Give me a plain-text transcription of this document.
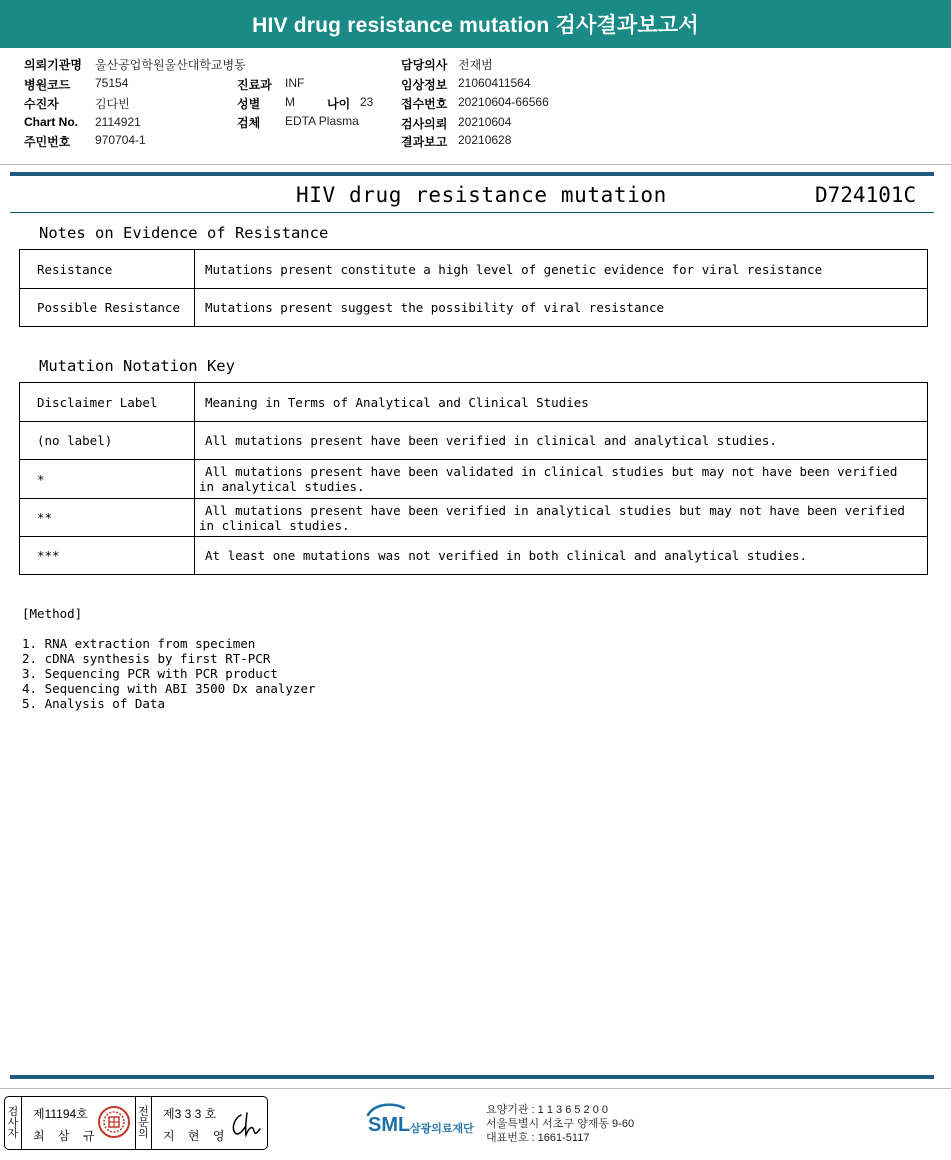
HIV drug resistance mutation 검사결과보고서
의뢰기관명 울산공업학원울산대학교병동
병원코드 75154
수진자	김다빈
Chart No. 2114921
주민번호 970704-1
진료과 INF
성별 M	나이 23
검체 EDTA Plasma
담당의사 전재범
임상정보 21060411564
접수번호 20210604-66566
검사의뢰 20210604
결과보고 20210628
HIV drug resistance mutation	D724101C
Notes on Evidence of Resistance
Resistance	Mutations present constitute a high level of genetic evidence for viral resistance
Possible Resistance	Mutations present suggest the possibility of viral resistance
Mutation Notation Key
Disclaimer Label	Meaning in Terms of Analytical and Clinical Studies
(no label)	All mutations present have been verified in clinical and analytical studies.
*	All mutations present have been validated in clinical studies but may not have been verified
in analytical studies.

**	All mutations present have been verified in analytical studies but may not have been verified
in clinical studies.

***	At least one mutations was not verified in both clinical and analytical studies.
[Method]
1. RNA extraction from specimen
2. cDNA synthesis by first RT-PCR
3. Sequencing PCR with PCR product
4. Sequencing with ABI 3500 Dx analyzer
5. Analysis of Data
검
사
자
제11194호
최 삼 규
전
문
의
제3 3 3 호
지 현 영	SML 삼광의료재단
요양기관 : 1 1 3 6 5 2 0 0
서울특별시 서초구 양재동 9-60
대표번호 : 1661-5117
